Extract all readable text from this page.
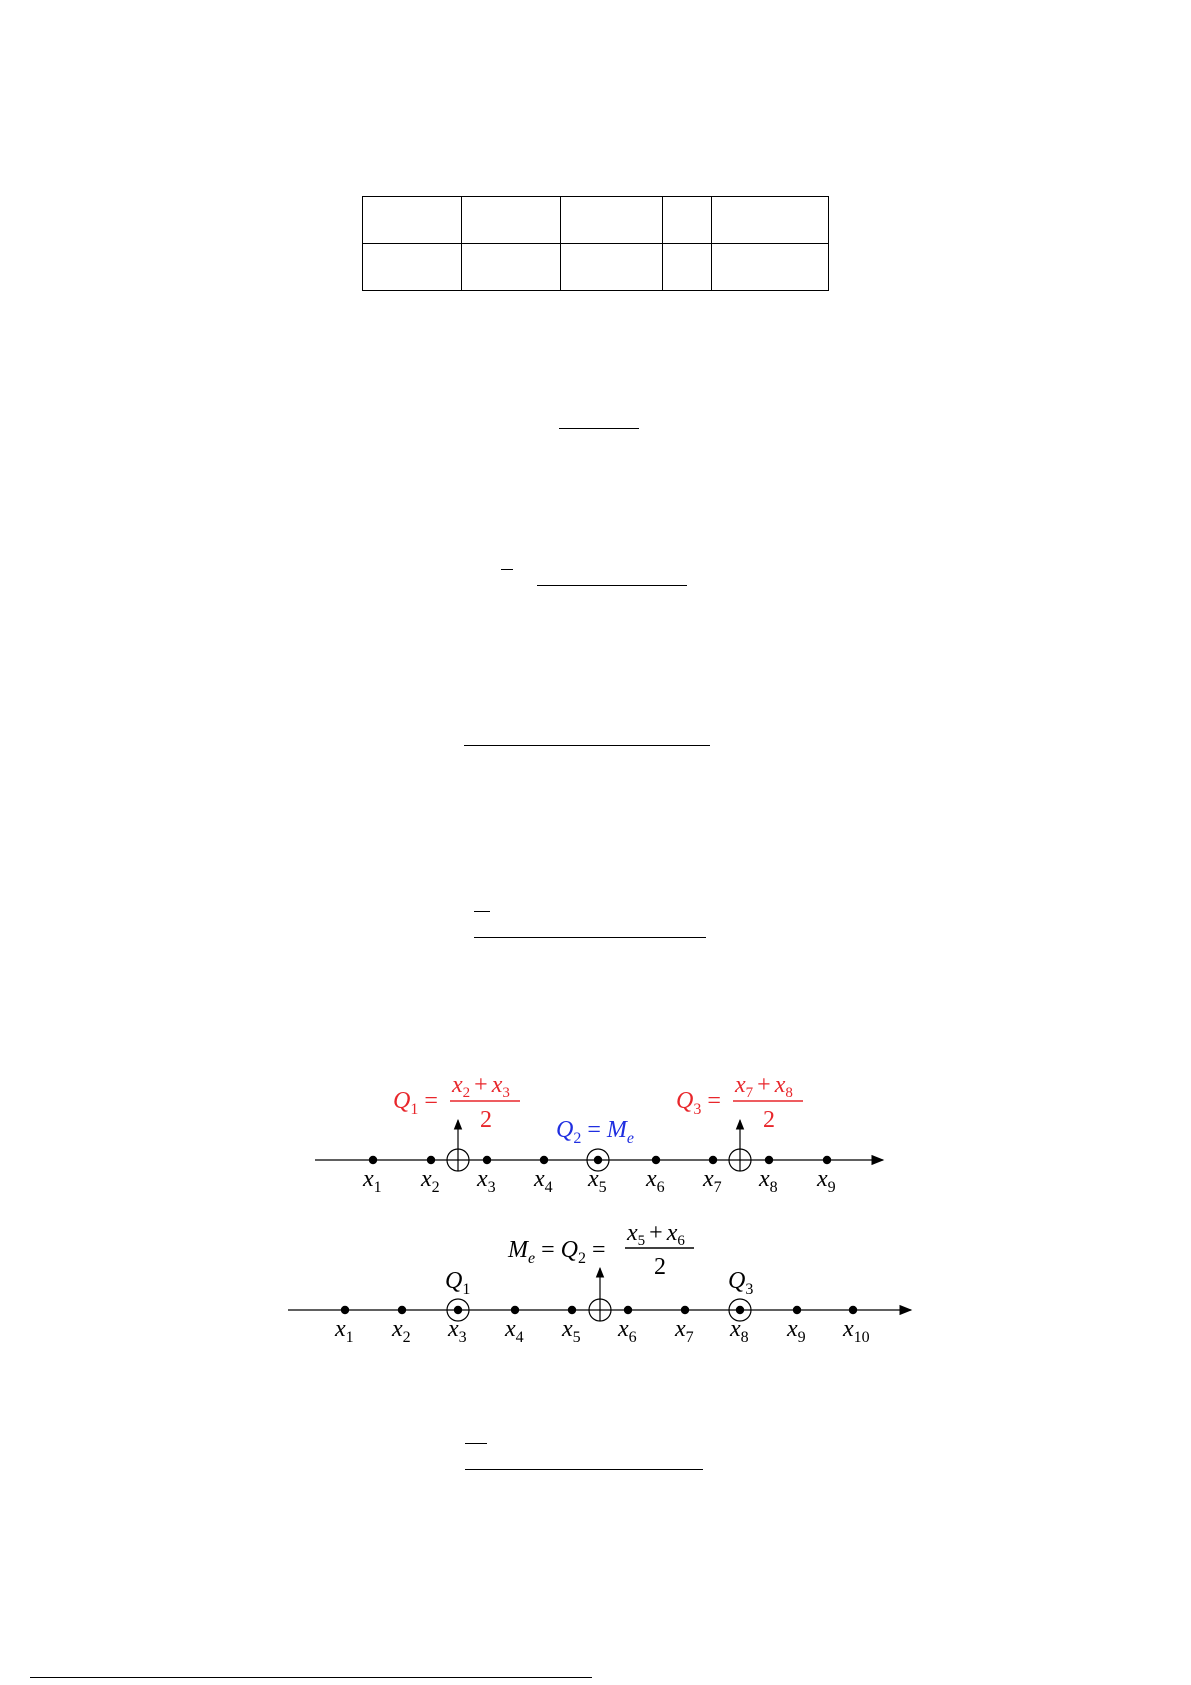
$x_1$ $x_2$ $x_3$ $x_4$ $x_5$ $x_6$ $x_7$ $x_8$ $x_9$
$Q_1$ =
$x_2 + x_3$
2
$Q_3$ =
$x_7 + x_8$
2
$Q_2 = M_e$
$x_1$ $x_2$ $x_3$ $x_4$ $x_5$ $x_6$ $x_7$ $x_8$ $x_9$ $x_{10}$
$Q_1$	$Q_3$
$M_e = Q_2$ =
$x_5 + x_6$
2
